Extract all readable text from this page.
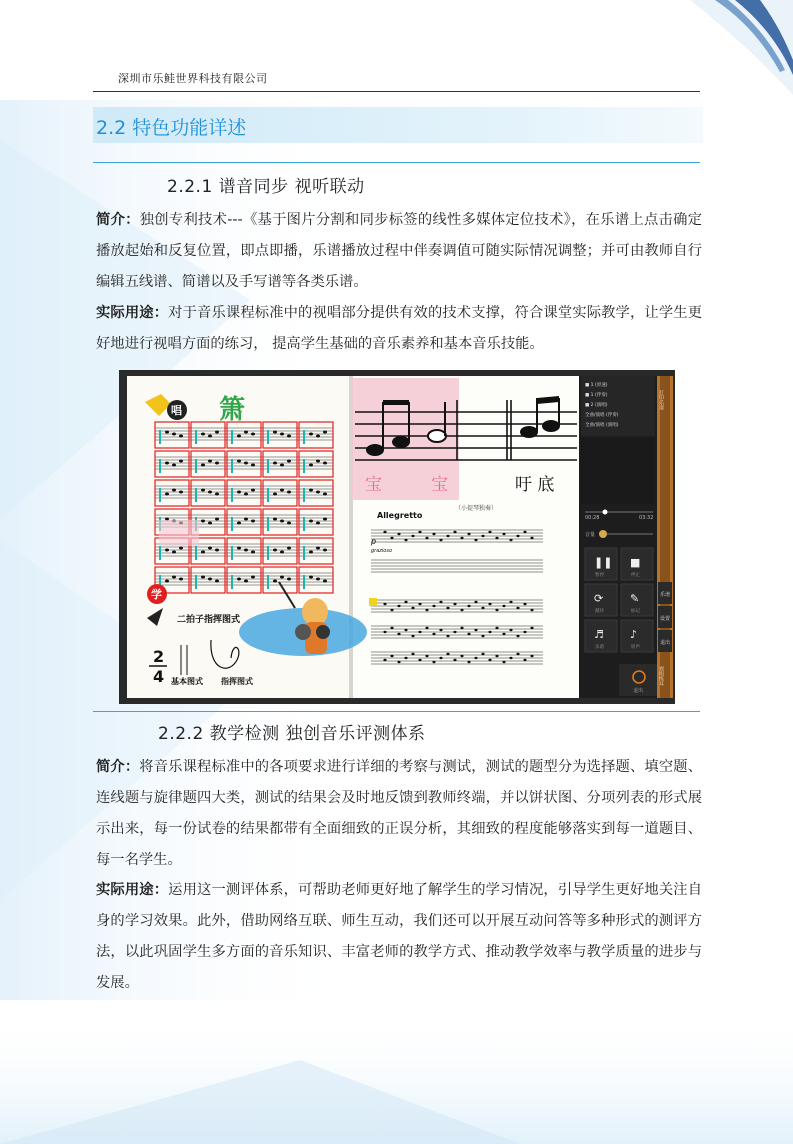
深圳市乐鲑世界科技有限公司
2.2 特色功能详述
2.2.1 谱音同步 视听联动
简介：独创专利技术---《基于图片分割和同步标签的线性多媒体定位技术》，在乐谱上点击确定播放起始和反复位置，即点即播，乐谱播放过程中伴奏调值可随实际情况调整；并可由教师自行编辑五线谱、简谱以及手写谱等各类乐谱。
实际用途：对于音乐课程标准中的视唱部分提供有效的技术支撑，符合课堂实际教学，让学生更好地进行视唱方面的练习， 提高学生基础的音乐素养和基本音乐技能。
唱 箫
学
二拍子指挥图式
2
4 基本图式 指挥图式
宝	宝	吁 底
（小提琴独奏）
Allegretto
p
grazioso
■ 1 (原速)
■ 1 (伴奏)
■ 2 (演唱)
全曲/演唱 (伴奏)
全曲/演唱 (演唱)
00:28	03:32
音量
❚❚
暂停
■
停止
⟳
循环
✎
标记
♬
乐谱
♪
原声
退出
打印乐谱
乐谱
设置
退出
视唱练耳
2.2.2 教学检测 独创音乐评测体系
简介：将音乐课程标准中的各项要求进行详细的考察与测试，测试的题型分为选择题、填空题、连线题与旋律题四大类，测试的结果会及时地反馈到教师终端，并以饼状图、分项列表的形式展示出来，每一份试卷的结果都带有全面细致的正误分析，其细致的程度能够落实到每一道题目、每一名学生。
实际用途：运用这一测评体系，可帮助老师更好地了解学生的学习情况，引导学生更好地关注自身的学习效果。此外，借助网络互联、师生互动，我们还可以开展互动问答等多种形式的测评方法，以此巩固学生多方面的音乐知识、丰富老师的教学方式、推动教学效率与教学质量的进步与发展。
